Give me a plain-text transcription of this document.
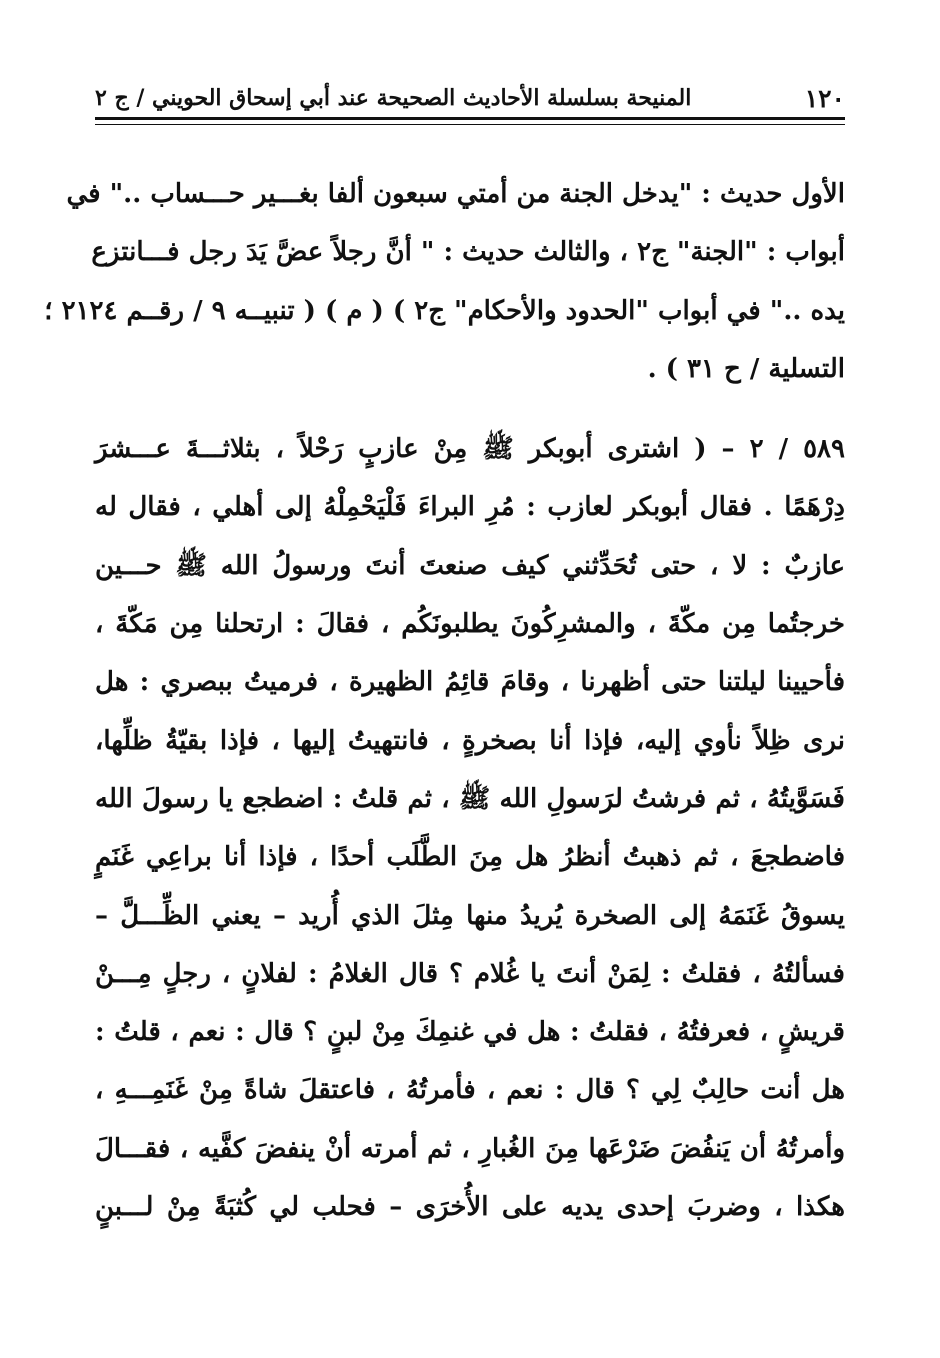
١٢٠
المنيحة بسلسلة الأحاديث الصحيحة عند أبي إسحاق الحويني / ج ٢
الأول حديث : "يدخل الجنة من أمتي سبعون ألفا بغـــير حـــساب .." في
أبواب : "الجنة" ج٢ ، والثالث حديث : " أنَّ رجلاً عضَّ يَدَ رجل فـــانتزع
يده .." في أبواب "الحدود والأحكام" ج٢ ) ( م ) ( تنبيــه ٩ / رقــم ٢١٢٤ ؛
التسلية / ح ٣١ ) .
٥٨٩ / ٢ – ( اشترى أبوبكر ﷺ مِنْ عازبٍ رَحْلاً ، بثلاثـــةَ عـــشرَ
دِرْهَمًا . فقال أبوبكر لعازب : مُرِ البراءَ فَلْيَحْمِلْهُ إلى أهلي ، فقال له
عازبٌ : لا ، حتى تُحَدِّثني كيف صنعتَ أنتَ ورسولُ الله ﷺ حـــين
خرجتُما مِن مكّةَ ، والمشرِكُونَ يطلبونَكُم ، فقالَ : ارتحلنا مِن مَكّةَ ،
فأحيينا ليلتنا حتى أظهرنا ، وقامَ قائِمُ الظهيرة ، فرميتُ ببصري : هل
نرى ظِلاً نأوي إليه، فإذا أنا بصخرةٍ ، فانتهيتُ إليها ، فإذا بقيّةُ ظلِّها،
فَسَوَّيتُهُ ، ثم فرشتُ لرَسولِ الله ﷺ ، ثم قلتُ : اضطجع يا رسولَ الله
فاضطجعَ ، ثم ذهبتُ أنظرُ هل مِنَ الطَّلَب أحدًا ، فإذا أنا براعِي غَنَمٍ
يسوقُ غَنَمَهُ إلى الصخرة يُريدُ منها مِثلَ الذي أُريد – يعني الظِّـــلَّ –
فسألتُهُ ، فقلتُ : لِمَنْ أنتَ يا غُلام ؟ قال الغلامُ : لفلانٍ ، رجلٍ مِـــنْ
قريشٍ ، فعرفتُهُ ، فقلتُ : هل في غنمِكَ مِنْ لبنٍ ؟ قال : نعم ، قلتُ :
هل أنت حالِبٌ لِي ؟ قال : نعم ، فأمرتُهُ ، فاعتقلَ شاةً مِنْ غَنَمِـــهِ ،
وأمرتُهُ أن يَنفُضَ ضَرْعَها مِنَ الغُبارِ ، ثم أمرته أنْ ينفضَ كفَّيه ، فقـــالَ
هكذا ، وضربَ إحدى يديه على الأُخرَى – فحلب لي كُثبَةً مِنْ لـــبنٍ
